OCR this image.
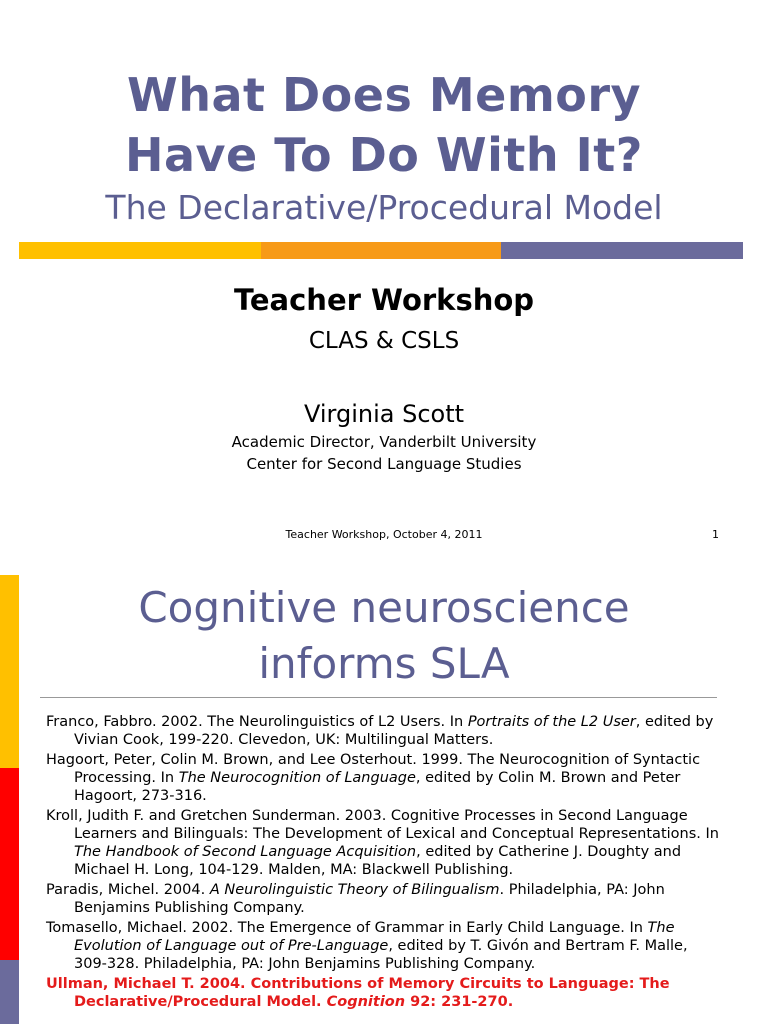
What Does Memory
Have To Do With It?
The Declarative/Procedural Model
Teacher Workshop
CLAS & CSLS
Virginia Scott
Academic Director, Vanderbilt University
Center for Second Language Studies
Teacher Workshop, October 4, 2011	1
Cognitive neuroscience
informs SLA

Franco, Fabbro. 2002. The Neurolinguistics of L2 Users. In Portraits of the L2 User, edited by Vivian Cook, 199-220. Clevedon, UK: Multilingual Matters.

Hagoort, Peter, Colin M. Brown, and Lee Osterhout. 1999. The Neurocognition of Syntactic Processing. In The Neurocognition of Language, edited by Colin M. Brown and Peter Hagoort, 273-316.

Kroll, Judith F. and Gretchen Sunderman. 2003. Cognitive Processes in Second Language Learners and Bilinguals: The Development of Lexical and Conceptual Representations. In The Handbook of Second Language Acquisition, edited by Catherine J. Doughty and Michael H. Long, 104-129. Malden, MA: Blackwell Publishing.

Paradis, Michel. 2004. A Neurolinguistic Theory of Bilingualism. Philadelphia, PA: John Benjamins Publishing Company.

Tomasello, Michael. 2002. The Emergence of Grammar in Early Child Language. In The Evolution of Language out of Pre-Language, edited by T. Givón and Bertram F. Malle, 309-328. Philadelphia, PA: John Benjamins Publishing Company.

Ullman, Michael T. 2004. Contributions of Memory Circuits to Language: The Declarative/Procedural Model. Cognition 92: 231-270.
